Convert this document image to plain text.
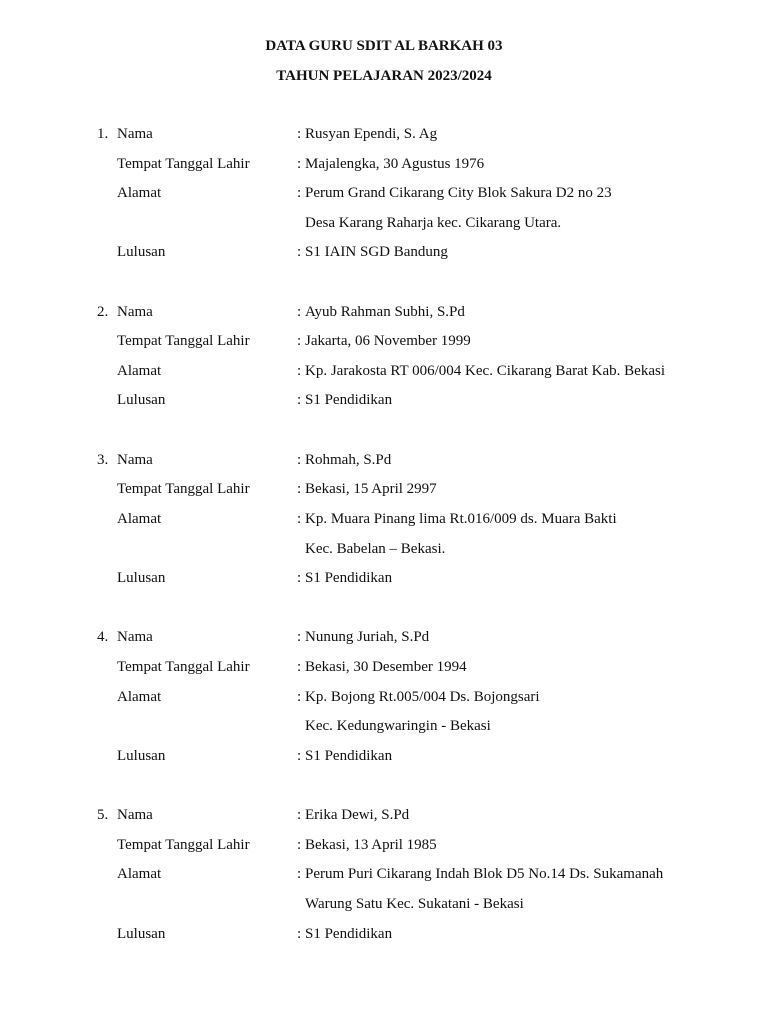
DATA GURU SDIT AL BARKAH 03
TAHUN PELAJARAN 2023/2024
1. Nama	: Rusyan Ependi, S. Ag
Tempat Tanggal Lahir	: Majalengka, 30 Agustus 1976
Alamat	: Perum Grand Cikarang City Blok Sakura D2 no 23
Desa Karang Raharja kec. Cikarang Utara.
Lulusan	: S1 IAIN SGD Bandung
2. Nama	: Ayub Rahman Subhi, S.Pd
Tempat Tanggal Lahir	: Jakarta, 06 November 1999
Alamat	: Kp. Jarakosta RT 006/004 Kec. Cikarang Barat Kab. Bekasi
Lulusan	: S1 Pendidikan
3. Nama	: Rohmah, S.Pd
Tempat Tanggal Lahir	: Bekasi, 15 April 2997
Alamat	: Kp. Muara Pinang lima Rt.016/009 ds. Muara Bakti
Kec. Babelan – Bekasi.
Lulusan	: S1 Pendidikan
4. Nama	: Nunung Juriah, S.Pd
Tempat Tanggal Lahir	: Bekasi, 30 Desember 1994
Alamat	: Kp. Bojong Rt.005/004 Ds. Bojongsari
Kec. Kedungwaringin - Bekasi
Lulusan	: S1 Pendidikan
5. Nama	: Erika Dewi, S.Pd
Tempat Tanggal Lahir	: Bekasi, 13 April 1985
Alamat	: Perum Puri Cikarang Indah Blok D5 No.14 Ds. Sukamanah
Warung Satu Kec. Sukatani - Bekasi
Lulusan	: S1 Pendidikan
